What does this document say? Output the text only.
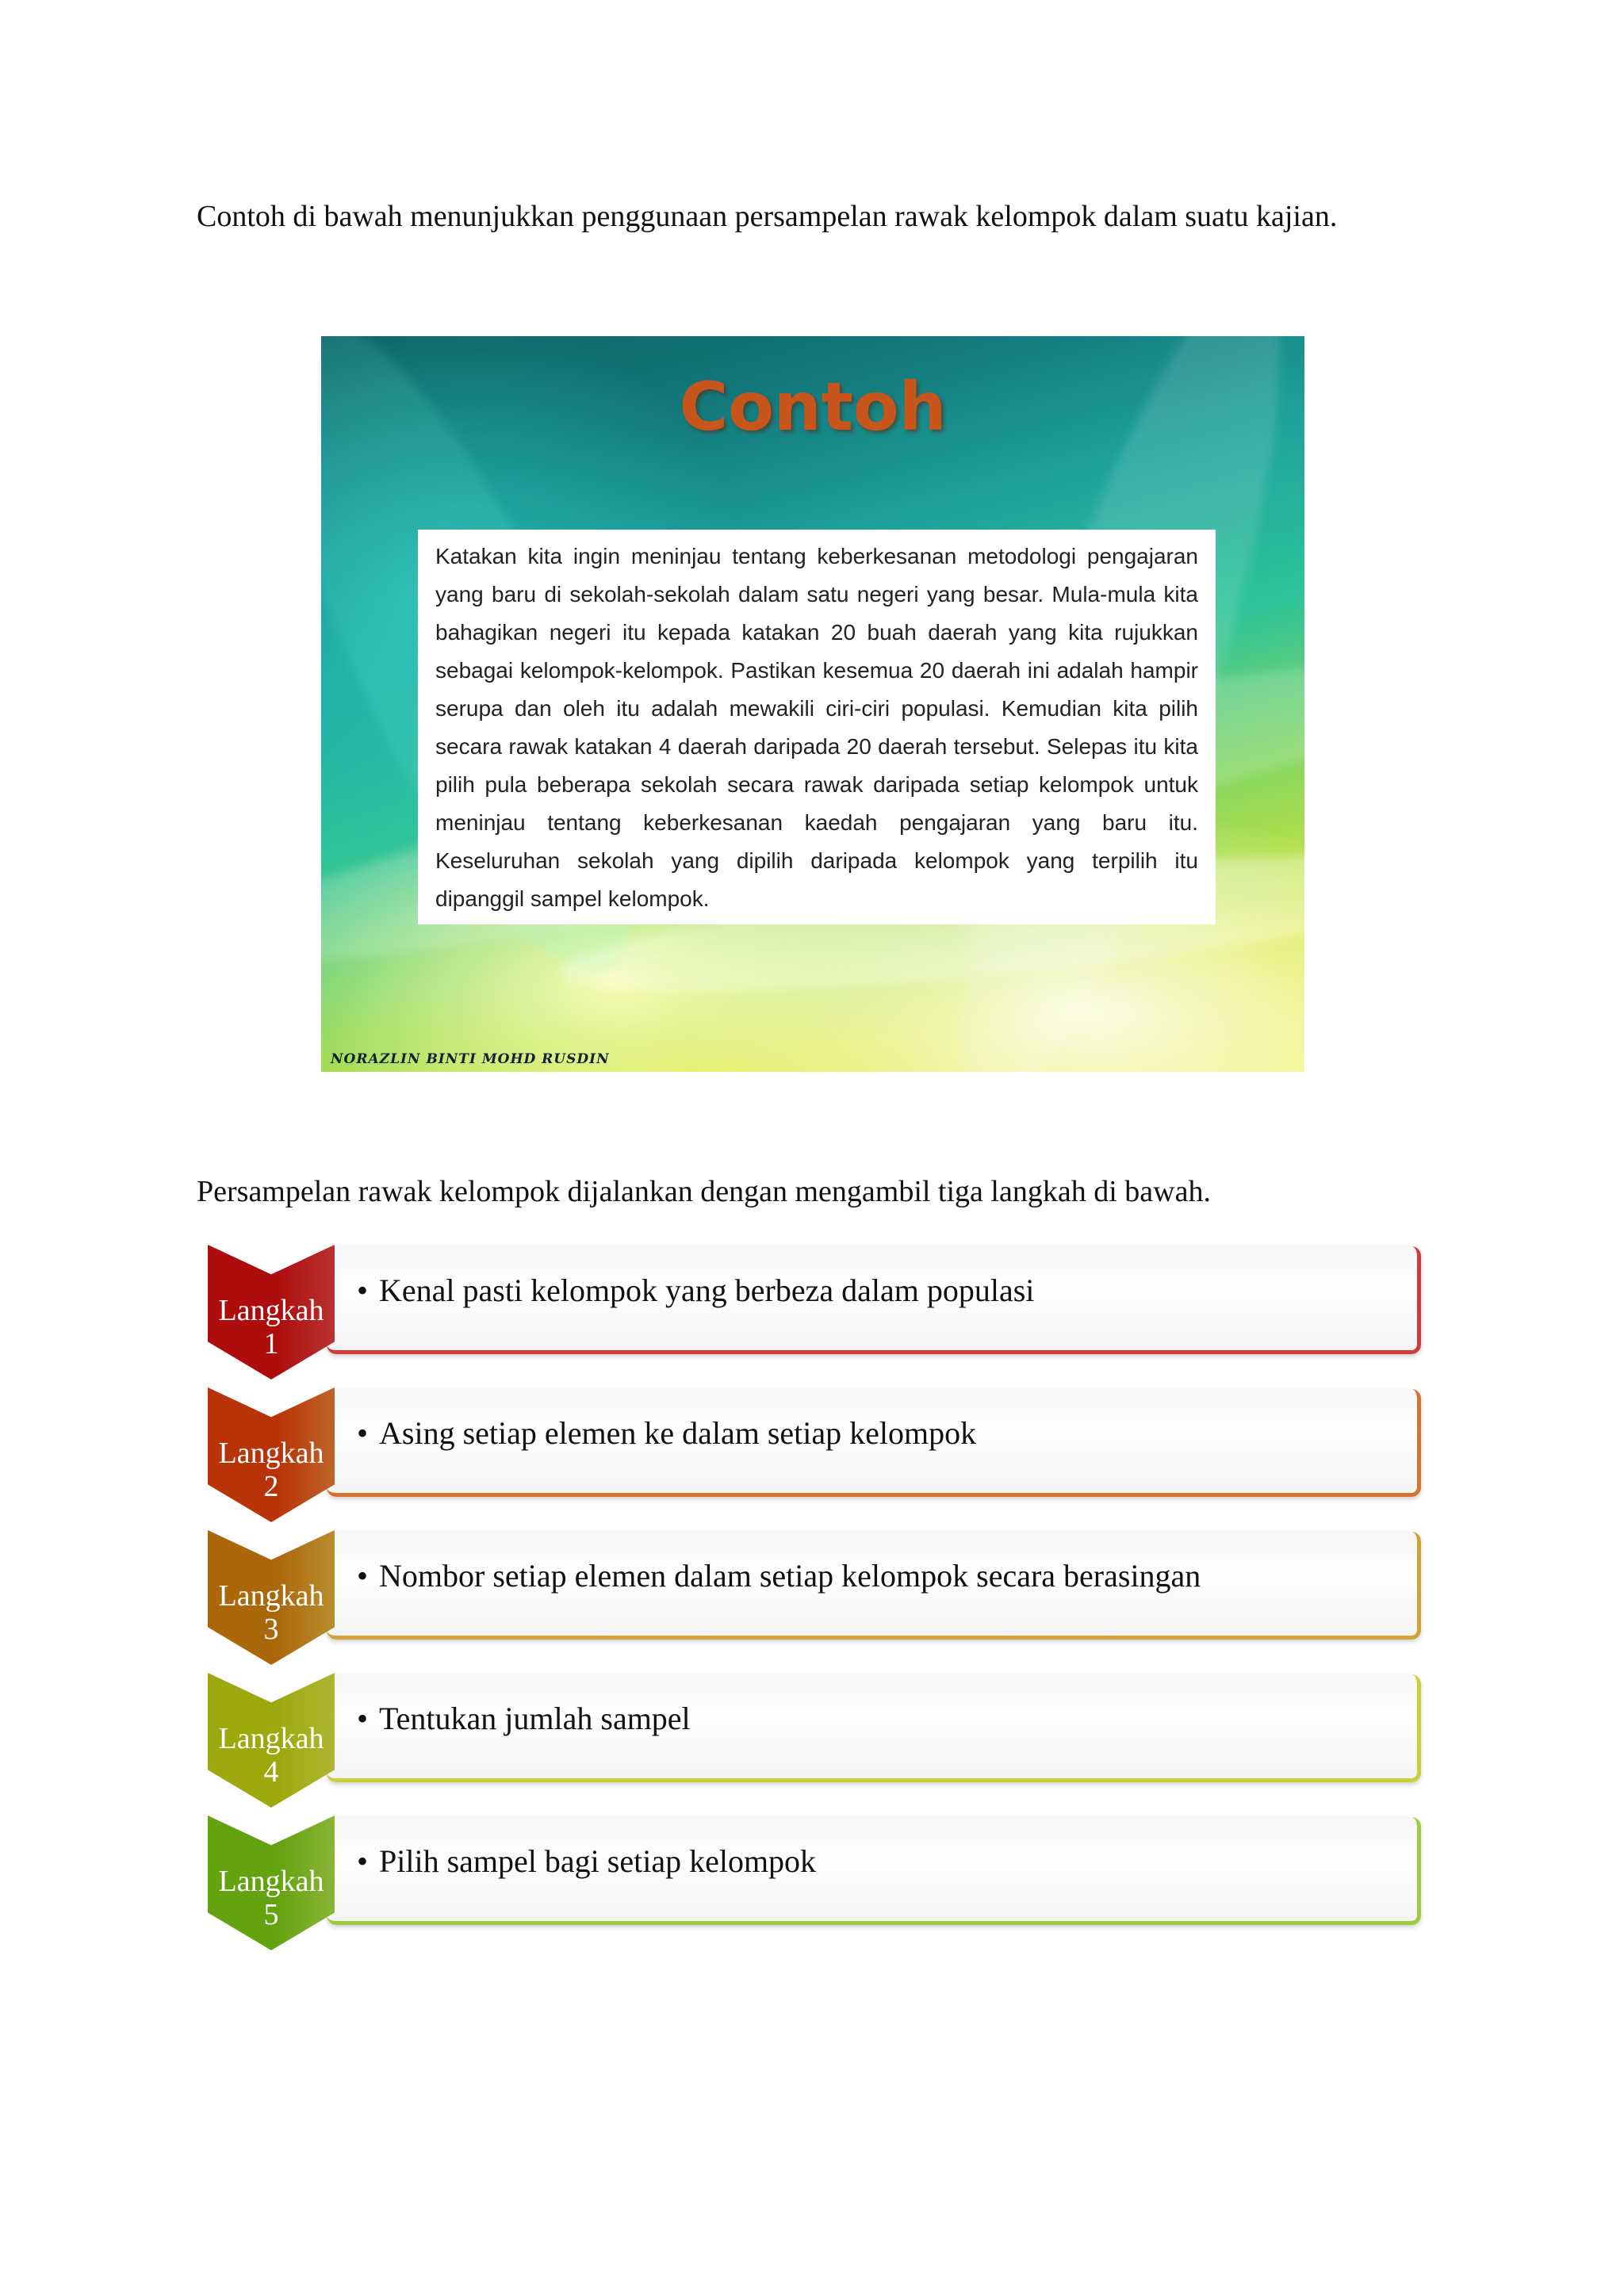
Contoh di bawah menunjukkan penggunaan persampelan rawak kelompok dalam suatu kajian.

Contoh

Katakan kita ingin meninjau tentang keberkesanan metodologi pengajaran yang baru di sekolah-sekolah dalam satu negeri yang besar. Mula-mula kita bahagikan negeri itu kepada katakan 20 buah daerah yang kita rujukkan sebagai kelompok-kelompok. Pastikan kesemua 20 daerah ini adalah hampir serupa dan oleh itu adalah mewakili ciri-ciri populasi. Kemudian kita pilih secara rawak katakan 4 daerah daripada 20 daerah tersebut. Selepas itu kita pilih pula beberapa sekolah secara rawak daripada setiap kelompok untuk meninjau tentang keberkesanan kaedah pengajaran yang baru itu. Keseluruhan sekolah yang dipilih daripada kelompok yang terpilih itu dipanggil sampel kelompok.

NORAZLIN BINTI MOHD RUSDIN

Persampelan rawak kelompok dijalankan dengan mengambil tiga langkah di bawah.

Langkah
1
• Kenal pasti kelompok yang berbeza dalam populasi
Langkah
2
• Asing setiap elemen ke dalam setiap kelompok
Langkah
3
• Nombor setiap elemen dalam setiap kelompok secara berasingan
Langkah
4
• Tentukan jumlah sampel
Langkah
5
• Pilih sampel bagi setiap kelompok
